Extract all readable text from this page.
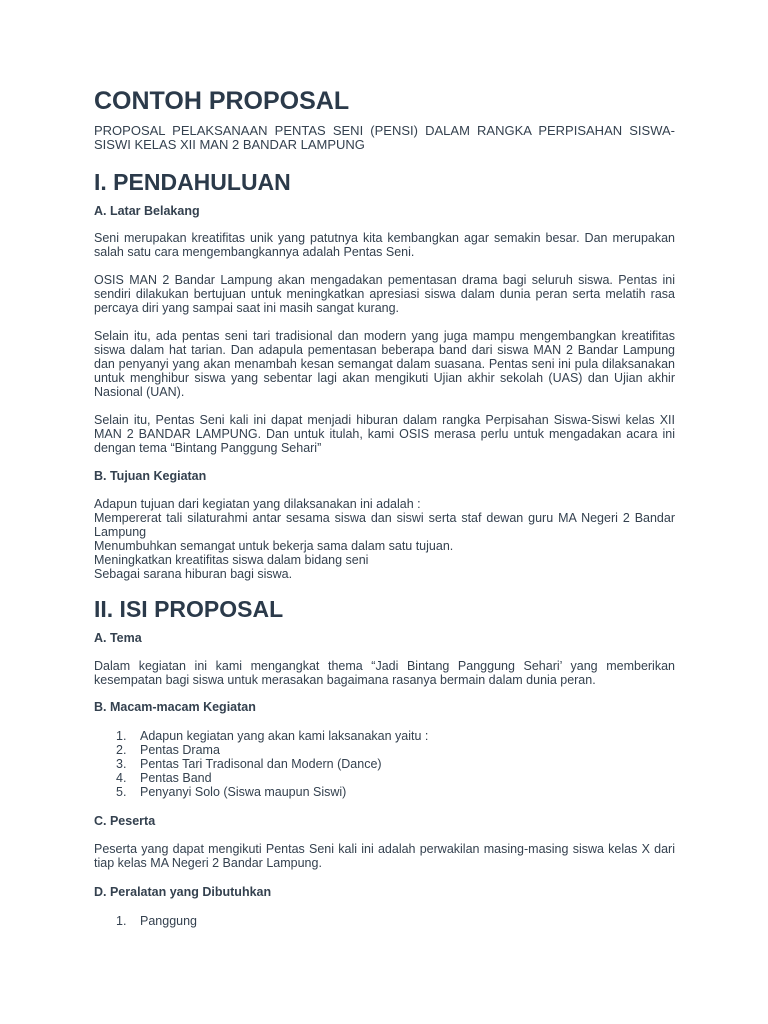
CONTOH PROPOSAL

PROPOSAL PELAKSANAAN PENTAS SENI (PENSI) DALAM RANGKA PERPISAHAN SISWA-SISWI KELAS XII MAN 2 BANDAR LAMPUNG

I. PENDAHULUAN
A. Latar Belakang

Seni merupakan kreatifitas unik yang patutnya kita kembangkan agar semakin besar. Dan merupakan salah satu cara mengembangkannya adalah Pentas Seni.

OSIS MAN 2 Bandar Lampung akan mengadakan pementasan drama bagi seluruh siswa. Pentas ini sendiri dilakukan bertujuan untuk meningkatkan apresiasi siswa dalam dunia peran serta melatih rasa percaya diri yang sampai saat ini masih sangat kurang.

Selain itu, ada pentas seni tari tradisional dan modern yang juga mampu mengembangkan kreatifitas siswa dalam hat tarian. Dan adapula pementasan beberapa band dari siswa MAN 2 Bandar Lampung dan penyanyi yang akan menambah kesan semangat dalam suasana. Pentas seni ini pula dilaksanakan untuk menghibur siswa yang sebentar lagi akan mengikuti Ujian akhir sekolah (UAS) dan Ujian akhir Nasional (UAN).

Selain itu, Pentas Seni kali ini dapat menjadi hiburan dalam rangka Perpisahan Siswa-Siswi kelas XII MAN 2 BANDAR LAMPUNG. Dan untuk itulah, kami OSIS merasa perlu untuk mengadakan acara ini dengan tema “Bintang Panggung Sehari”

B. Tujuan Kegiatan
Adapun tujuan dari kegiatan yang dilaksanakan ini adalah :
Mempererat tali silaturahmi antar sesama siswa dan siswi serta staf dewan guru MA Negeri 2 Bandar Lampung
Menumbuhkan semangat untuk bekerja sama dalam satu tujuan.
Meningkatkan kreatifitas siswa dalam bidang seni
Sebagai sarana hiburan bagi siswa.
II. ISI PROPOSAL
A. Tema

Dalam kegiatan ini kami mengangkat thema “Jadi Bintang Panggung Sehari’ yang memberikan kesempatan bagi siswa untuk merasakan bagaimana rasanya bermain dalam dunia peran.

B. Macam-macam Kegiatan
1.	Adapun kegiatan yang akan kami laksanakan yaitu :
2.	Pentas Drama
3.	Pentas Tari Tradisonal dan Modern (Dance)
4.	Pentas Band
5.	Penyanyi Solo (Siswa maupun Siswi)
C. Peserta

Peserta yang dapat mengikuti Pentas Seni kali ini adalah perwakilan masing-masing siswa kelas X dari tiap kelas MA Negeri 2 Bandar Lampung.

D. Peralatan yang Dibutuhkan
1.	Panggung
